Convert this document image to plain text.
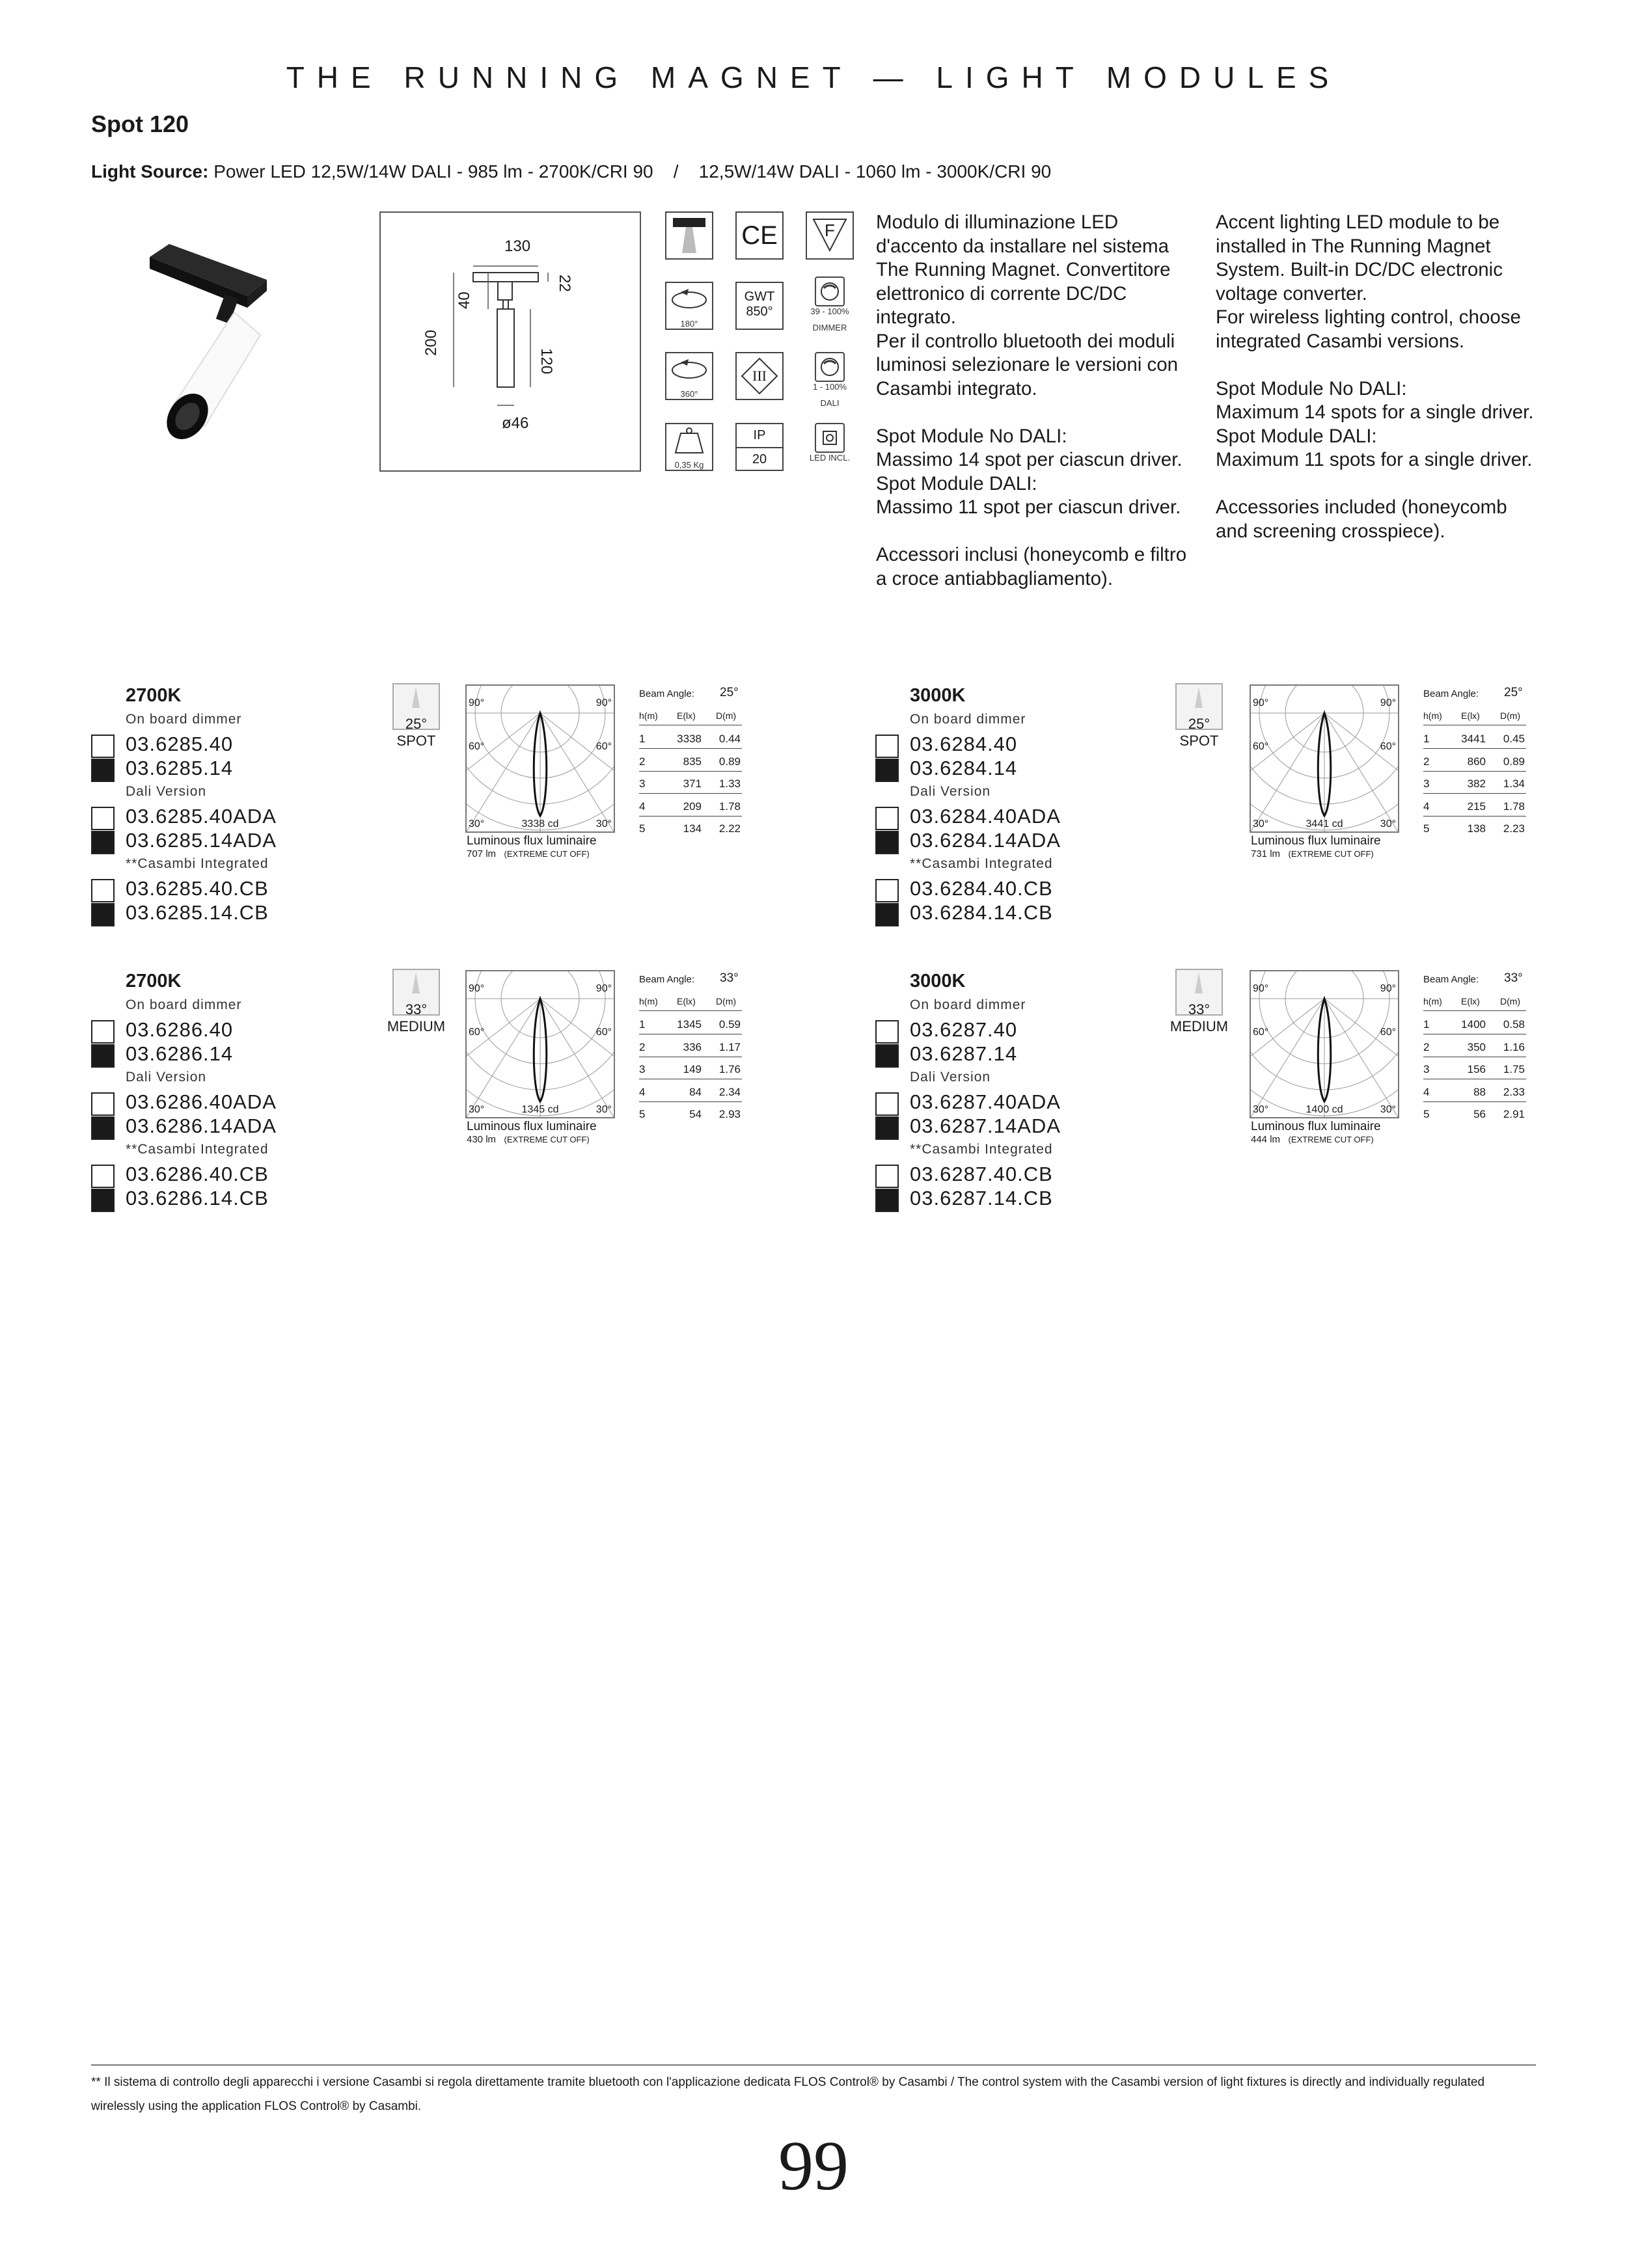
THE RUNNING MAGNET — LIGHT MODULES
Spot 120
Light Source: Power LED 12,5W/14W DALI - 985 lm - 2700K/CRI 90    /    12,5W/14W DALI - 1060 lm - 3000K/CRI 90
130
22
40
200
120
ø46
CE	F
180°
GWT
850°	39 - 100%
DIMMER
360°
III
1 - 100%
DALI
0,35 Kg
IP
20	LED INCL.
Modulo di illuminazione LED
d'accento da installare nel sistema
The Running Magnet. Convertitore
elettronico di corrente DC/DC
integrato.
Per il controllo bluetooth dei moduli
luminosi selezionare le versioni con
Casambi integrato.

Spot Module No DALI:
Massimo 14 spot per ciascun driver.
Spot Module DALI:
Massimo 11 spot per ciascun driver.

Accessori inclusi (honeycomb e filtro
a croce antiabbagliamento).
Accent lighting LED module to be
installed in The Running Magnet
System. Built-in DC/DC electronic
voltage converter.
For wireless lighting control, choose
integrated Casambi versions.

Spot Module No DALI:
Maximum 14 spots for a single driver.
Spot Module DALI:
Maximum 11 spots for a single driver.

Accessories included (honeycomb
and screening crosspiece).
2700K
On board dimmer
03.6285.40
03.6285.14
Dali Version
03.6285.40ADA
03.6285.14ADA
**Casambi Integrated
03.6285.40.CB
03.6285.14.CB
25°
SPOT
90°	90°
60°	60°
30°	30°
3338 cd
Luminous flux luminaire
707 lm (EXTREME CUT OFF)
Beam Angle: 25°
h(m) E(lx) D(m)
1	3338 0.44
2	835 0.89
3	371 1.33
4	209 1.78
5	134 2.22
3000K
On board dimmer
03.6284.40
03.6284.14
Dali Version
03.6284.40ADA
03.6284.14ADA
**Casambi Integrated
03.6284.40.CB
03.6284.14.CB
25°
SPOT
90°	90°
60°	60°
30°	30°
3441 cd
Luminous flux luminaire
731 lm (EXTREME CUT OFF)
Beam Angle: 25°
h(m) E(lx) D(m)
1	3441 0.45
2	860 0.89
3	382 1.34
4	215 1.78
5	138 2.23
2700K
On board dimmer
03.6286.40
03.6286.14
Dali Version
03.6286.40ADA
03.6286.14ADA
**Casambi Integrated
03.6286.40.CB
03.6286.14.CB
33°
MEDIUM
90°	90°
60°	60°
30°	30°
1345 cd
Luminous flux luminaire
430 lm (EXTREME CUT OFF)
Beam Angle: 33°
h(m) E(lx) D(m)
1	1345 0.59
2	336 1.17
3	149 1.76
4	84 2.34
5	54 2.93
3000K
On board dimmer
03.6287.40
03.6287.14
Dali Version
03.6287.40ADA
03.6287.14ADA
**Casambi Integrated
03.6287.40.CB
03.6287.14.CB
33°
MEDIUM
90°	90°
60°	60°
30°	30°
1400 cd
Luminous flux luminaire
444 lm (EXTREME CUT OFF)
Beam Angle: 33°
h(m) E(lx) D(m)
1	1400 0.58
2	350 1.16
3	156 1.75
4	88 2.33
5	56 2.91
** Il sistema di controllo degli apparecchi i versione Casambi si regola direttamente tramite bluetooth con l'applicazione dedicata FLOS Control® by Casambi / The control system with the Casambi version of light fixtures is directly and individually regulated wirelessly using the application FLOS Control® by Casambi.
99
